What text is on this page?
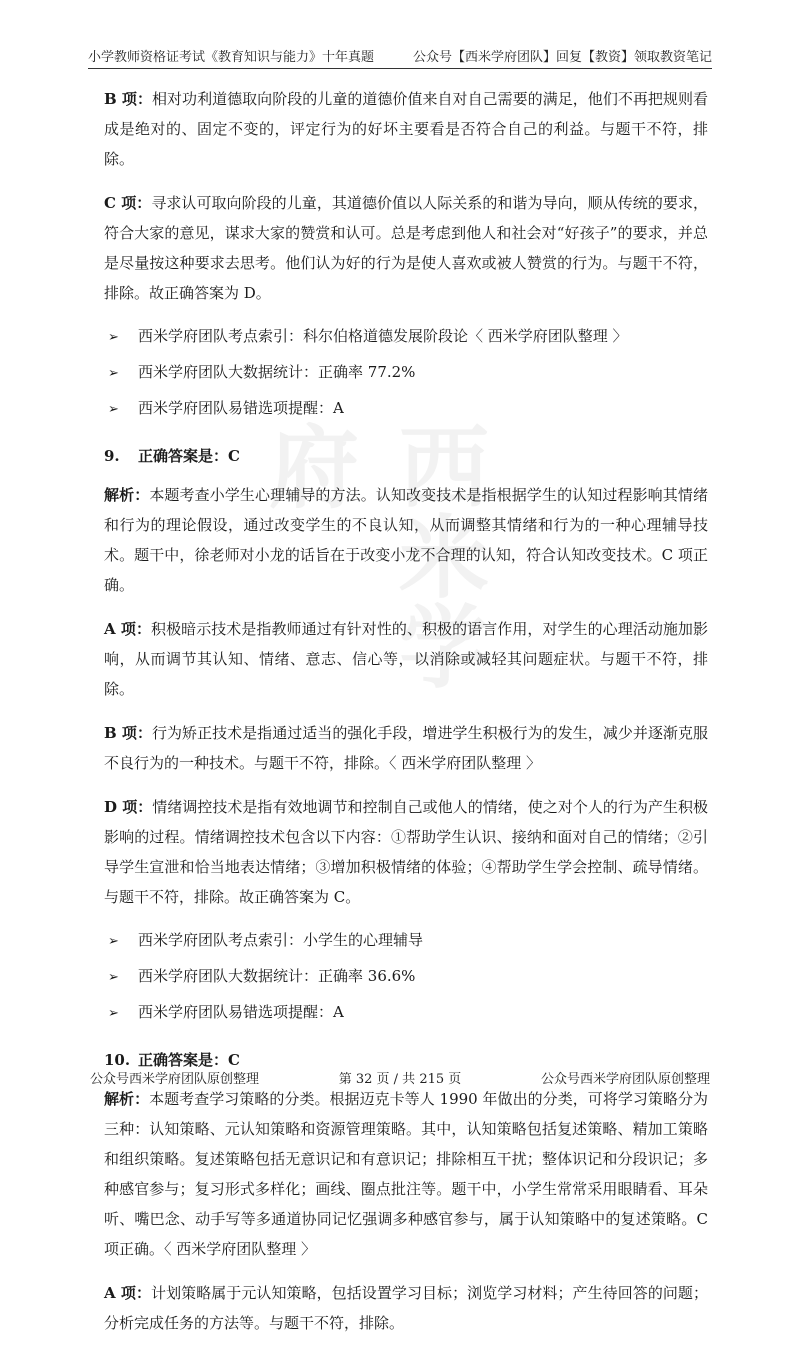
小学教师资格证考试《教育知识与能力》十年真题	公众号【西米学府团队】回复【教资】领取教资笔记
西米学府

B 项：相对功利道德取向阶段的儿童的道德价值来自对自己需要的满足，他们不再把规则看成是绝对的、固定不变的，评定行为的好坏主要看是否符合自己的利益。与题干不符，排除。

C 项：寻求认可取向阶段的儿童，其道德价值以人际关系的和谐为导向，顺从传统的要求，符合大家的意见，谋求大家的赞赏和认可。总是考虑到他人和社会对“好孩子”的要求，并总是尽量按这种要求去思考。他们认为好的行为是使人喜欢或被人赞赏的行为。与题干不符，排除。故正确答案为 D。

➢ 西米学府团队考点索引：科尔伯格道德发展阶段论〈 西米学府团队整理 〉
➢ 西米学府团队大数据统计：正确率 77.2%
➢ 西米学府团队易错选项提醒：A
9. 正确答案是：C

解析：本题考查小学生心理辅导的方法。认知改变技术是指根据学生的认知过程影响其情绪和行为的理论假设，通过改变学生的不良认知，从而调整其情绪和行为的一种心理辅导技术。题干中，徐老师对小龙的话旨在于改变小龙不合理的认知，符合认知改变技术。C 项正确。

A 项：积极暗示技术是指教师通过有针对性的、积极的语言作用，对学生的心理活动施加影响，从而调节其认知、情绪、意志、信心等，以消除或减轻其问题症状。与题干不符，排除。

B 项：行为矫正技术是指通过适当的强化手段，增进学生积极行为的发生，减少并逐渐克服不良行为的一种技术。与题干不符，排除。〈 西米学府团队整理 〉

D 项：情绪调控技术是指有效地调节和控制自己或他人的情绪，使之对个人的行为产生积极影响的过程。情绪调控技术包含以下内容：①帮助学生认识、接纳和面对自己的情绪；②引导学生宣泄和恰当地表达情绪；③增加积极情绪的体验；④帮助学生学会控制、疏导情绪。与题干不符，排除。故正确答案为 C。

➢ 西米学府团队考点索引：小学生的心理辅导
➢ 西米学府团队大数据统计：正确率 36.6%
➢ 西米学府团队易错选项提醒：A
10. 正确答案是：C

解析：本题考查学习策略的分类。根据迈克卡等人 1990 年做出的分类，可将学习策略分为三种：认知策略、元认知策略和资源管理策略。其中，认知策略包括复述策略、精加工策略和组织策略。复述策略包括无意识记和有意识记；排除相互干扰；整体识记和分段识记；多种感官参与；复习形式多样化；画线、圈点批注等。题干中，小学生常常采用眼睛看、耳朵听、嘴巴念、动手写等多通道协同记忆强调多种感官参与，属于认知策略中的复述策略。C 项正确。〈 西米学府团队整理 〉

A 项：计划策略属于元认知策略，包括设置学习目标；浏览学习材料；产生待回答的问题；分析完成任务的方法等。与题干不符，排除。

公众号西米学府团队原创整理	第 32 页 / 共 215 页	公众号西米学府团队原创整理
